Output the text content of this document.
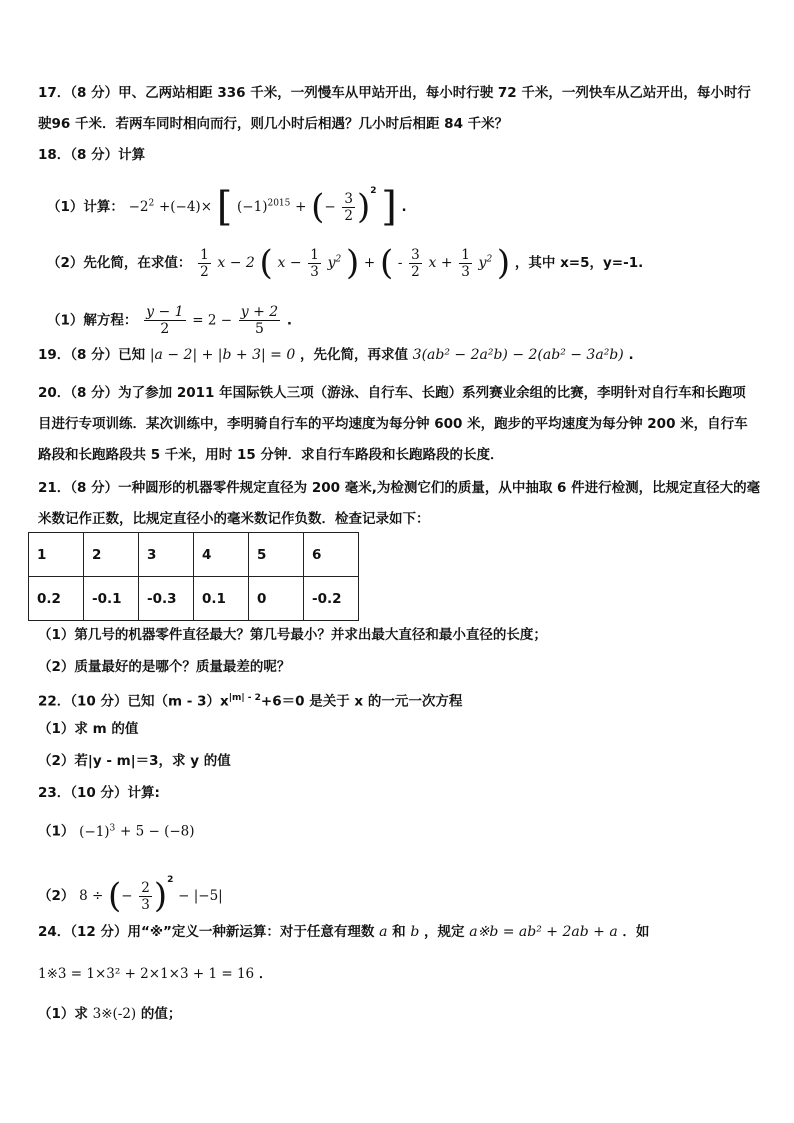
17．（8 分）甲、乙两站相距 336 千米，一列慢车从甲站开出，每小时行驶 72 千米，一列快车从乙站开出，每小时行
驶96 千米．若两车同时相向而行，则几小时后相遇？几小时后相距 84 千米？
18．（8 分）计算
（1）计算： $-2^2 +(-4)\times$ [ $(-1)^{2015}$ + (− $\frac{3}{2} )^2$ ] .
（2）先化简，在求值： $\frac{1}{2}$ x − 2 ( $x - \frac{1}{3} y^2$ ) + ( - $\frac{3}{2}$ $x + \frac{1}{3} y^2$ ) ，其中 x=5，y=-1.
（1）解方程： $\frac{y - 1}{2} = 2 - \frac{y + 2}{5}$ .
19．（8 分）已知 |a − 2| + |b + 3| = 0 ，先化简，再求值 3(ab² − 2a²b) − 2(ab² − 3a²b) .
20．（8 分）为了参加 2011 年国际铁人三项（游泳、自行车、长跑）系列赛业余组的比赛，李明针对自行车和长跑项
目进行专项训练．某次训练中，李明骑自行车的平均速度为每分钟 600 米，跑步的平均速度为每分钟 200 米，自行车
路段和长跑路段共 5 千米，用时 15 分钟．求自行车路段和长跑路段的长度．
21．（8 分）一种圆形的机器零件规定直径为 200 毫米,为检测它们的质量，从中抽取 6 件进行检测，比规定直径大的毫
米数记作正数，比规定直径小的毫米数记作负数．检查记录如下：
1	2	3	4	5	6
0.2	-0.1	-0.3	0.1	0	-0.2
（1）第几号的机器零件直径最大？第几号最小？并求出最大直径和最小直径的长度；
（2）质量最好的是哪个？质量最差的呢？
22．（10 分）已知$(m - 3)x^{|m| - 2}+6=0$ 是关于 x 的一元一次方程
（1）求 m 的值
（2）若|y - m|＝3，求 y 的值
23．（10 分）计算:
（1） $(-1)^3 + 5 - (-8)$
（2） 8 ÷ (− $\frac{2}{3} )^2 - |-5|$
24．（12 分）用“※”定义一种新运算：对于任意有理数 a 和 b ，规定 a※b = ab² + 2ab + a ．如
1※3 = 1×3² + 2×1×3 + 1 = 16 ．
（1）求 3※(-2) 的值；
